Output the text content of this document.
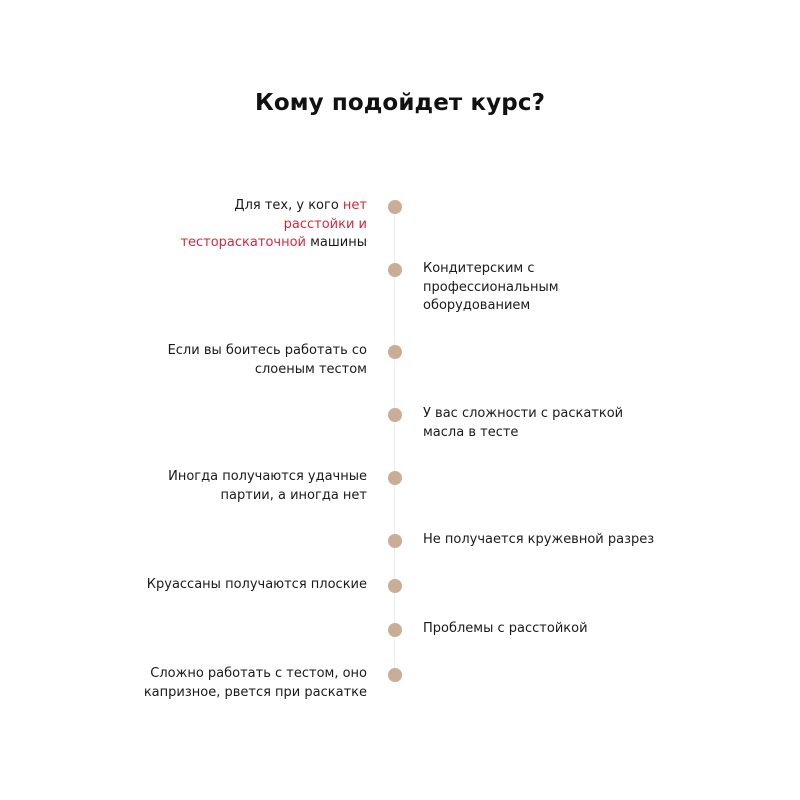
Кому подойдет курс?

Для тех, у кого нет расстойки и тестораскаточной машины

Кондитерским с профессиональным оборудованием

Если вы боитесь работать со слоеным тестом

У вас сложности с раскаткой масла в тесте

Иногда получаются удачные партии, а иногда нет

Не получается кружевной разрез

Круассаны получаются плоские

Проблемы с расстойкой

Сложно работать с тестом, оно капризное, рвется при раскатке
